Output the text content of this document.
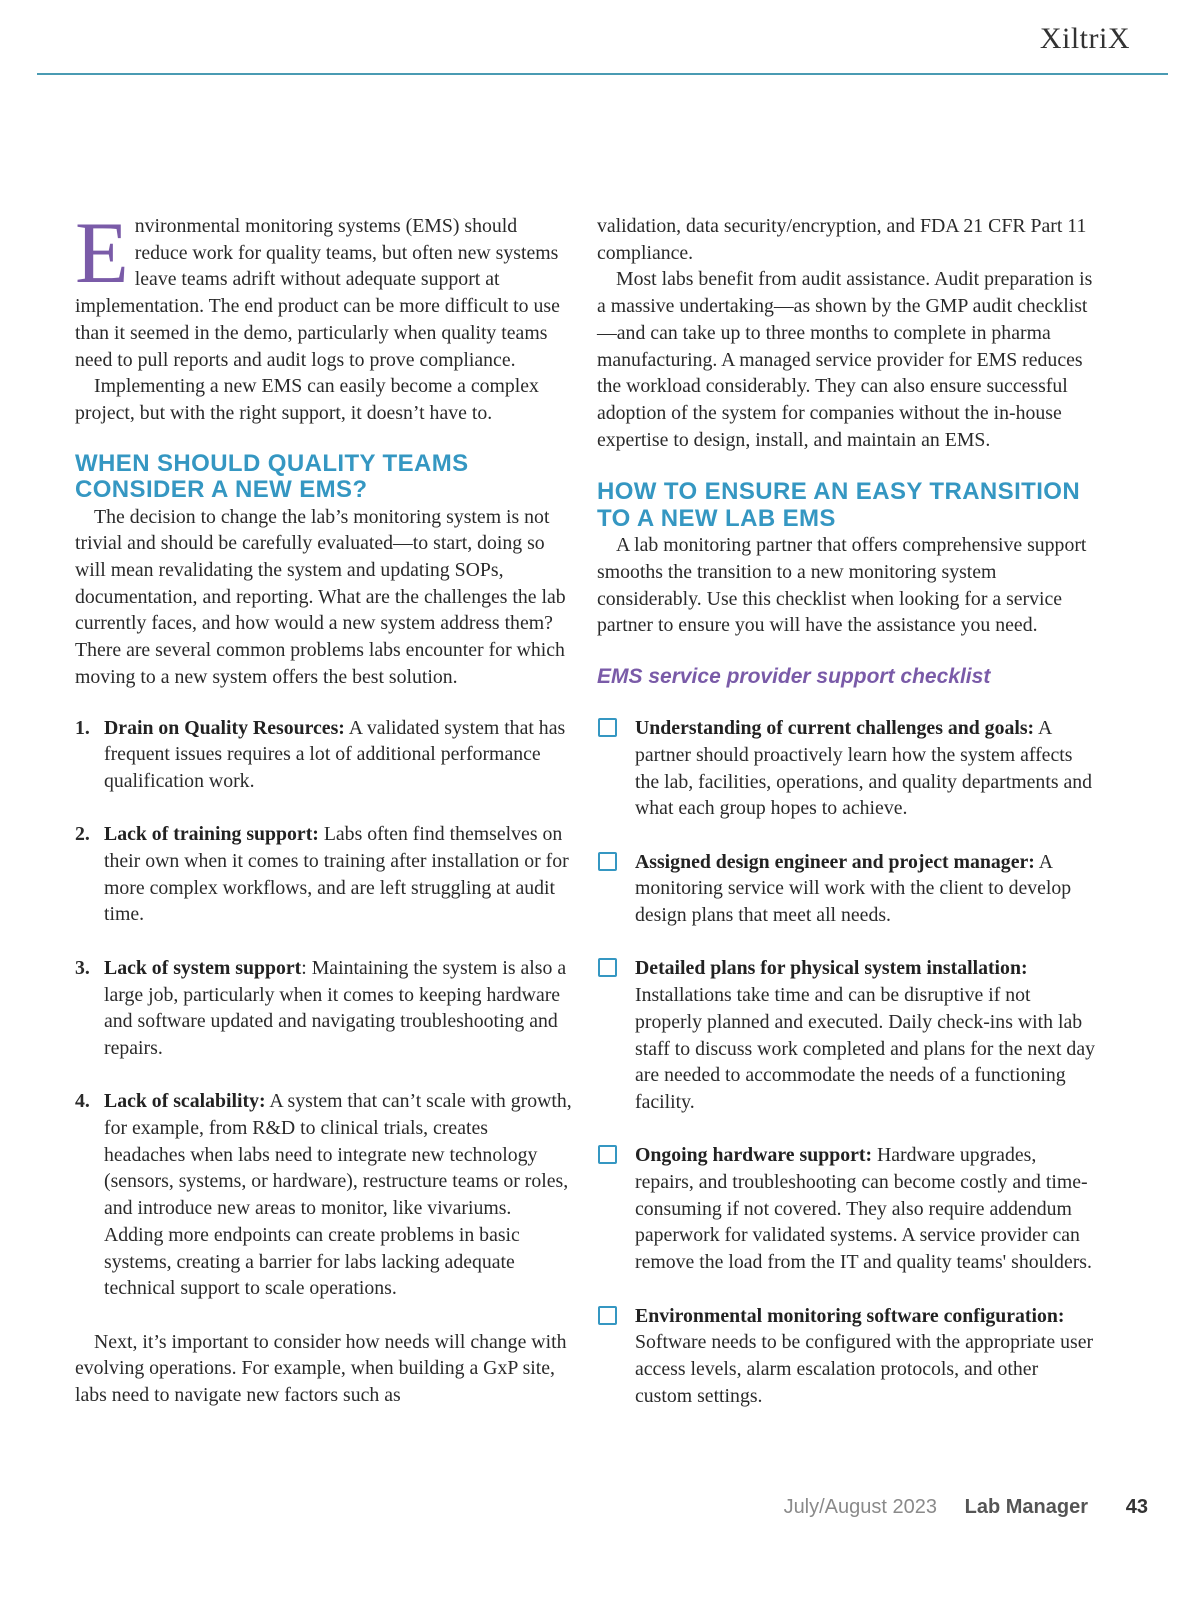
XiltriX

Environmental monitoring systems (EMS) should reduce work for quality teams, but often new systems leave teams adrift without adequate support at implementation. The end product can be more difficult to use than it seemed in the demo, particularly when quality teams need to pull reports and audit logs to prove compliance.

Implementing a new EMS can easily become a complex project, but with the right support, it doesn’t have to.

WHEN SHOULD QUALITY TEAMS CONSIDER A NEW EMS?

The decision to change the lab’s monitoring system is not trivial and should be carefully evaluated—to start, doing so will mean revalidating the system and updating SOPs, documentation, and reporting. What are the challenges the lab currently faces, and how would a new system address them? There are several common problems labs encounter for which moving to a new system offers the best solution.

1. Drain on Quality Resources: A validated system that has frequent issues requires a lot of additional performance qualification work.

2. Lack of training support: Labs often find themselves on their own when it comes to training after installation or for more complex workflows, and are left struggling at audit time.

3. Lack of system support: Maintaining the system is also a large job, particularly when it comes to keeping hardware and software updated and navigating troubleshooting and repairs.

4. Lack of scalability: A system that can’t scale with growth, for example, from R&D to clinical trials, creates headaches when labs need to integrate new technology (sensors, systems, or hardware), restructure teams or roles, and introduce new areas to monitor, like vivariums. Adding more endpoints can create problems in basic systems, creating a barrier for labs lacking adequate technical support to scale operations.

Next, it’s important to consider how needs will change with evolving operations. For example, when building a GxP site, labs need to navigate new factors such as

validation, data security/encryption, and FDA 21 CFR Part 11 compliance.

Most labs benefit from audit assistance. Audit preparation is a massive undertaking—as shown by the GMP audit checklist—and can take up to three months to complete in pharma manufacturing. A managed service provider for EMS reduces the workload considerably. They can also ensure successful adoption of the system for companies without the in-house expertise to design, install, and maintain an EMS.

HOW TO ENSURE AN EASY TRANSITION TO A NEW LAB EMS

A lab monitoring partner that offers comprehensive support smooths the transition to a new monitoring system considerably. Use this checklist when looking for a service partner to ensure you will have the assistance you need.

EMS service provider support checklist

Understanding of current challenges and goals: A partner should proactively learn how the system affects the lab, facilities, operations, and quality departments and what each group hopes to achieve.

Assigned design engineer and project manager: A monitoring service will work with the client to develop design plans that meet all needs.

Detailed plans for physical system installation: Installations take time and can be disruptive if not properly planned and executed. Daily check-ins with lab staff to discuss work completed and plans for the next day are needed to accommodate the needs of a functioning facility.

Ongoing hardware support: Hardware upgrades, repairs, and troubleshooting can become costly and time-consuming if not covered. They also require addendum paperwork for validated systems. A service provider can remove the load from the IT and quality teams' shoulders.

Environmental monitoring software configuration: Software needs to be configured with the appropriate user access levels, alarm escalation protocols, and other custom settings.

July/August 2023 Lab Manager 43
